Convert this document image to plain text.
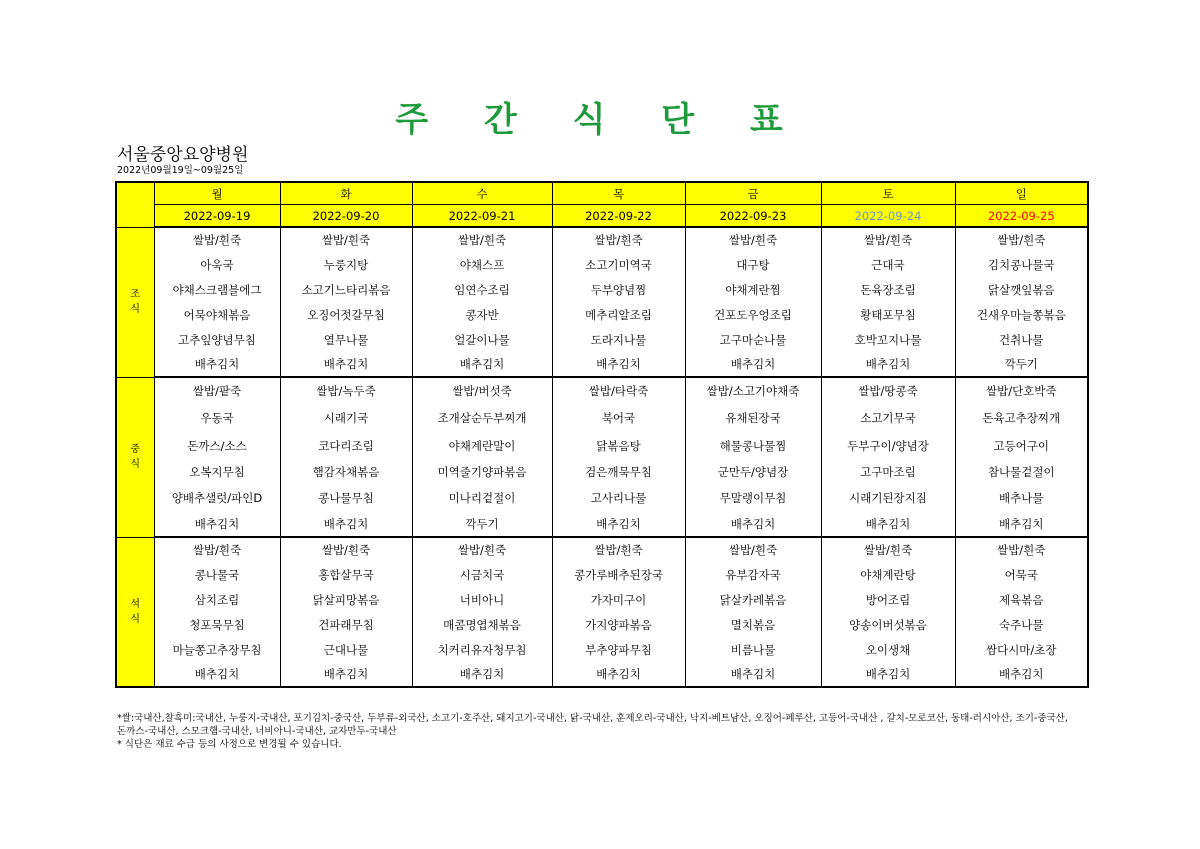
주 간 식 단 표
서울중앙요양병원
2022년09월19일~09월25일
	월	화	수	목	금	토	일
	2022-09-19	2022-09-20	2022-09-21	2022-09-22	2022-09-23	2022-09-24	2022-09-25
조
식	쌀밥/흰죽	쌀밥/흰죽	쌀밥/흰죽	쌀밥/흰죽	쌀밥/흰죽	쌀밥/흰죽	쌀밥/흰죽
	아욱국	누룽지탕	야채스프	소고기미역국	대구탕	근대국	김치콩나물국
	야채스크램블에그	소고기느타리볶음	임연수조림	두부양념찜	야채계란찜	돈육장조림	닭살깻잎볶음
	어묵야채볶음	오징어젓갈무침	콩자반	메추리알조림	건포도우엉조림	황태포무침	건새우마늘쫑볶음
	고추잎양념무침	열무나물	얼갈이나물	도라지나물	고구마순나물	호박꼬지나물	건취나물
	배추김치	배추김치	배추김치	배추김치	배추김치	배추김치	깍두기
중
식	쌀밥/팥죽	쌀밥/녹두죽	쌀밥/버섯죽	쌀밥/타락죽	쌀밥/소고기야채죽	쌀밥/땅콩죽	쌀밥/단호박죽
	우동국	시래기국	조개살순두부찌개	북어국	유채된장국	소고기무국	돈육고추장찌개
	돈까스/소스	코다리조림	야채계란말이	닭볶음탕	해물콩나물찜	두부구이/양념장	고등어구이
	오복지무침	햄감자채볶음	미역줄기양파볶음	검은깨묵무침	군만두/양념장	고구마조림	참나물겉절이
	양배추샐럿/파인D	콩나물무침	미나리겉절이	고사리나물	무말랭이무침	시래기된장지짐	배추나물
	배추김치	배추김치	깍두기	배추김치	배추김치	배추김치	배추김치
석
식	쌀밥/흰죽	쌀밥/흰죽	쌀밥/흰죽	쌀밥/흰죽	쌀밥/흰죽	쌀밥/흰죽	쌀밥/흰죽
	콩나물국	홍합살무국	시금치국	콩가루배추된장국	유부감자국	야채계란탕	어묵국
	삼치조림	닭살피망볶음	너비아니	가자미구이	닭살카레볶음	방어조림	제육볶음
	청포묵무침	건파래무침	매콤명엽채볶음	가지양파볶음	멸치볶음	양송이버섯볶음	숙주나물
	마늘쫑고추장무침	근대나물	치커리유자청무침	부추양파무침	비름나물	오이생채	쌈다시마/초장
	배추김치	배추김치	배추김치	배추김치	배추김치	배추김치	배추김치
*쌀:국내산,찰흑미:국내산, 누룽지-국내산, 포기김치-중국산, 두부류-외국산, 소고기-호주산, 돼지고기-국내산, 닭-국내산, 훈제오리-국내산, 낙지-베트남산, 오징어-페루산, 고등어-국내산 , 갈치-모로코산, 동태-러시아산, 조기-중국산, 돈까스-국내산, 스모크햄-국내산, 너비아니-국내산, 교자만두-국내산
* 식단은 재료 수급 등의 사정으로 변경될 수 있습니다.
